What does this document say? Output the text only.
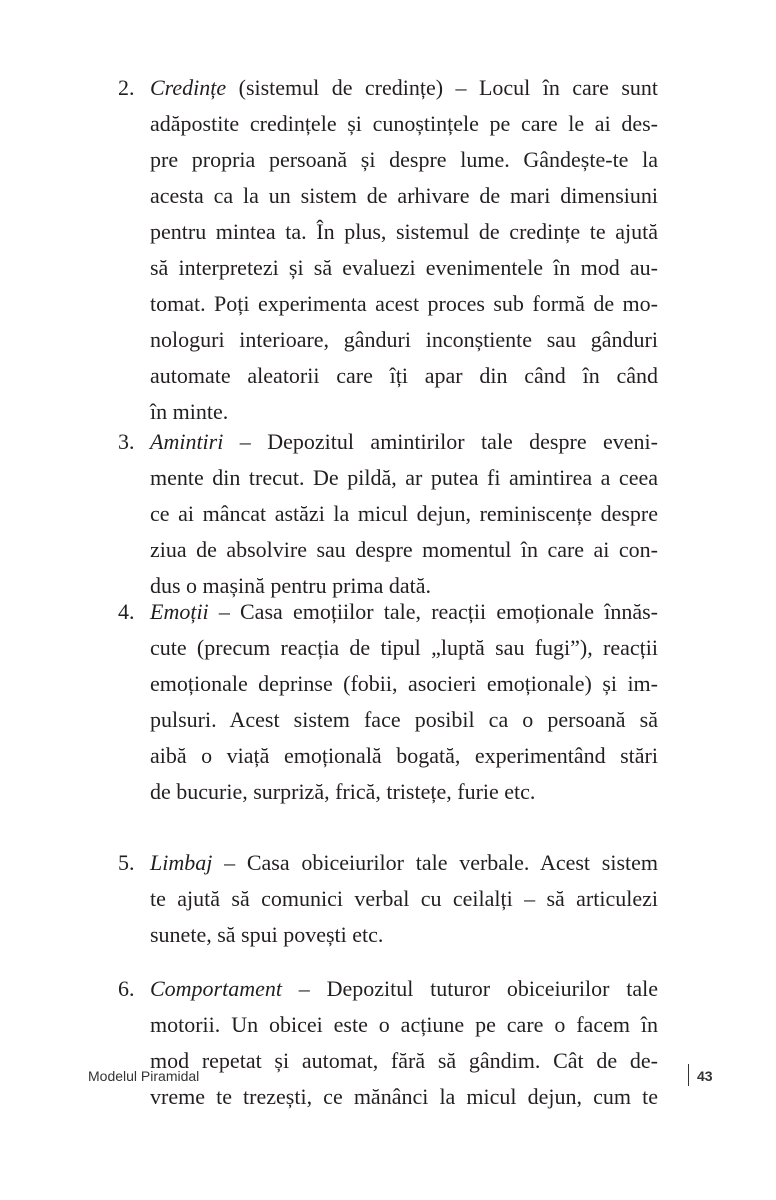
2. Credințe (sistemul de credințe) – Locul în care sunt
adăpostite credințele și cunoștințele pe care le ai des-
pre propria persoană și despre lume. Gândește-te la
acesta ca la un sistem de arhivare de mari dimensiuni
pentru mintea ta. În plus, sistemul de credințe te ajută
să interpretezi și să evaluezi evenimentele în mod au-
tomat. Poți experimenta acest proces sub formă de mo-
nologuri interioare, gânduri inconștiente sau gânduri
automate aleatorii care îți apar din când în când
în minte.
3. Amintiri – Depozitul amintirilor tale despre eveni-
mente din trecut. De pildă, ar putea fi amintirea a ceea
ce ai mâncat astăzi la micul dejun, reminiscențe despre
ziua de absolvire sau despre momentul în care ai con-
dus o mașină pentru prima dată.
4. Emoții – Casa emoțiilor tale, reacții emoționale înnăs-
cute (precum reacția de tipul „luptă sau fugi”), reacții
emoționale deprinse (fobii, asocieri emoționale) și im-
pulsuri. Acest sistem face posibil ca o persoană să
aibă o viață emoțională bogată, experimentând stări
de bucurie, surpriză, frică, tristețe, furie etc.
5. Limbaj – Casa obiceiurilor tale verbale. Acest sistem
te ajută să comunici verbal cu ceilalți – să articulezi
sunete, să spui povești etc.
6. Comportament – Depozitul tuturor obiceiurilor tale
motorii. Un obicei este o acțiune pe care o facem în
mod repetat și automat, fără să gândim. Cât de de-
vreme te trezești, ce mănânci la micul dejun, cum te
Modelul Piramidal	43
